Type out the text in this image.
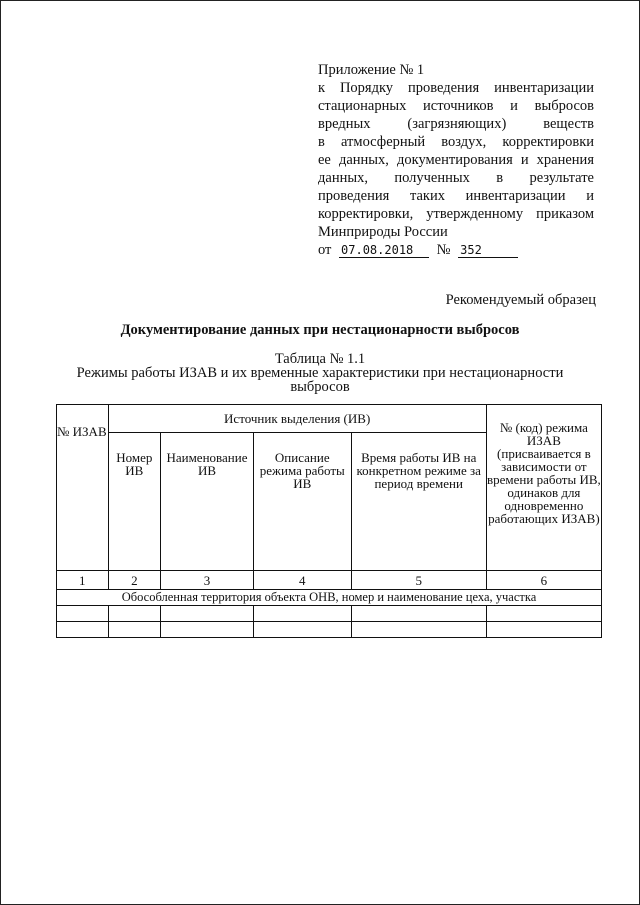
Приложение № 1
к Порядку проведения инвентаризации
стационарных источников и выбросов
вредных (загрязняющих) веществ
в атмосферный воздух, корректировки
ее данных, документирования и хранения
данных, полученных в результате
проведения таких инвентаризации и
корректировки, утвержденному приказом
Минприроды России
от 07.08.2018 № 352
Рекомендуемый образец
Документирование данных при нестационарности выбросов
Таблица № 1.1
Режимы работы ИЗАВ и их временные характеристики при нестационарности
выбросов
№ ИЗАВ	Источник выделения (ИВ)				№ (код) режима ИЗАВ (присваивается в зависимости от времени работы ИВ, одинаков для одновременно работающих ИЗАВ)
	Номер ИВ	Наименование ИВ	Описание режима работы ИВ	Время работы ИВ на конкретном режиме за период времени	
1	2	3	4	5	6
Обособленная территория объекта ОНВ, номер и наименование цеха, участка					
